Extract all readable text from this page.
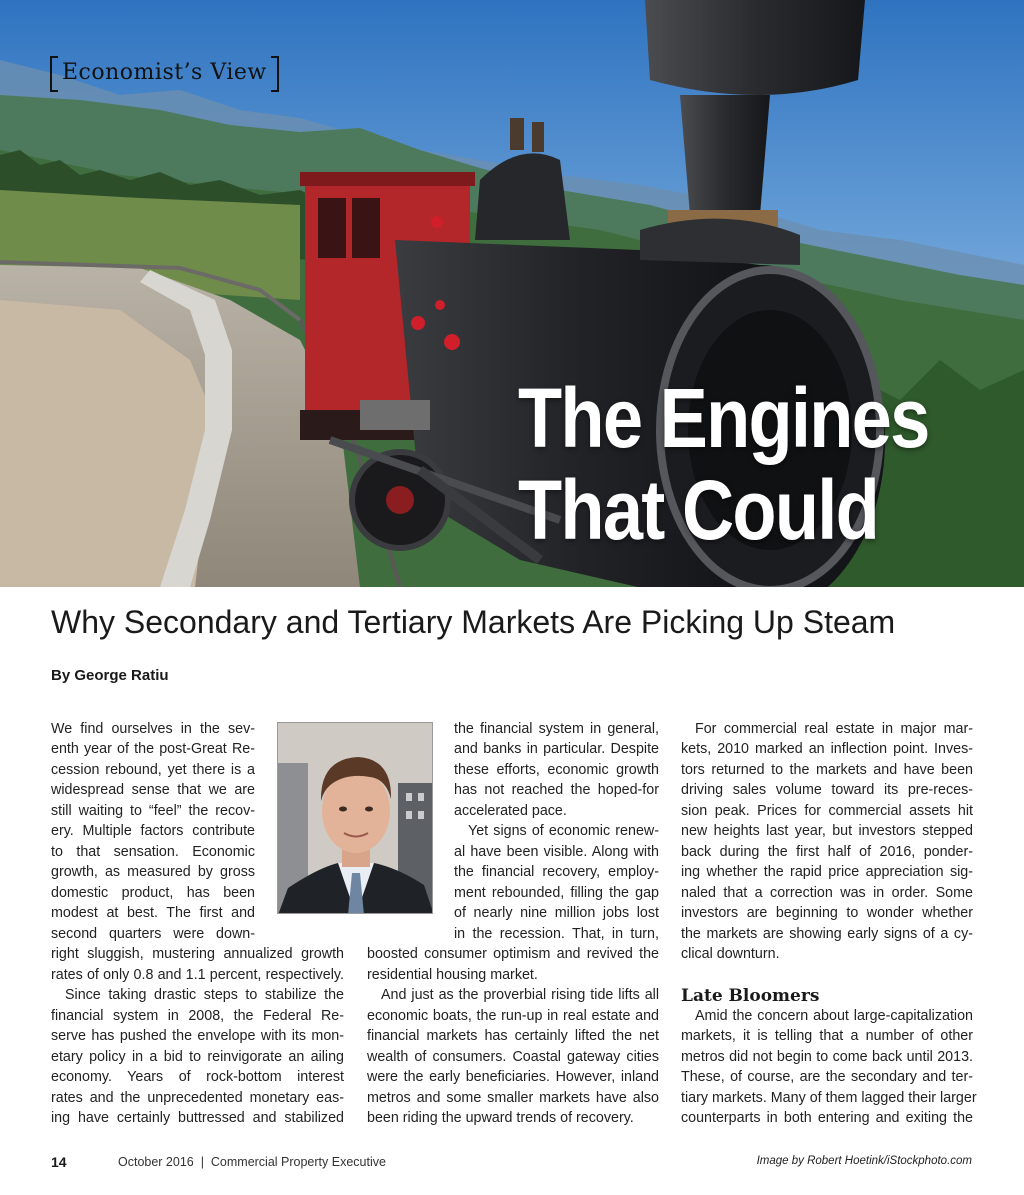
Economist’s View
The Engines
That Could
Why Secondary and Tertiary Markets Are Picking Up Steam
By George Ratiu
We find ourselves in the sev-
enth year of the post-Great Re-
cession rebound, yet there is a
widespread sense that we are
still waiting to “feel” the recov-
ery. Multiple factors contribute
to that sensation. Economic
growth, as measured by gross
domestic product, has been
modest at best. The first and
second quarters were down-
right sluggish, mustering annualized growth
rates of only 0.8 and 1.1 percent, respectively.
Since taking drastic steps to stabilize the
financial system in 2008, the Federal Re-
serve has pushed the envelope with its mon-
etary policy in a bid to reinvigorate an ailing
economy. Years of rock-bottom interest
rates and the unprecedented monetary eas-
ing have certainly buttressed and stabilized
the financial system in general,
and banks in particular. Despite
these efforts, economic growth
has not reached the hoped-for
accelerated pace.
Yet signs of economic renew-
al have been visible. Along with
the financial recovery, employ-
ment rebounded, filling the gap
of nearly nine million jobs lost
in the recession. That, in turn,
boosted consumer optimism and revived the
residential housing market.
And just as the proverbial rising tide lifts all
economic boats, the run-up in real estate and
financial markets has certainly lifted the net
wealth of consumers. Coastal gateway cities
were the early beneficiaries. However, inland
metros and some smaller markets have also
been riding the upward trends of recovery.
For commercial real estate in major mar-
kets, 2010 marked an inflection point. Inves-
tors returned to the markets and have been
driving sales volume toward its pre-reces-
sion peak. Prices for commercial assets hit
new heights last year, but investors stepped
back during the first half of 2016, ponder-
ing whether the rapid price appreciation sig-
naled that a correction was in order. Some
investors are beginning to wonder whether
the markets are showing early signs of a cy-
clical downturn.
Late Bloomers
Amid the concern about large-capitalization
markets, it is telling that a number of other
metros did not begin to come back until 2013.
These, of course, are the secondary and ter-
tiary markets. Many of them lagged their larger
counterparts in both entering and exiting the
14	October 2016  |  Commercial Property Executive	Image by Robert Hoetink/iStockphoto.com
